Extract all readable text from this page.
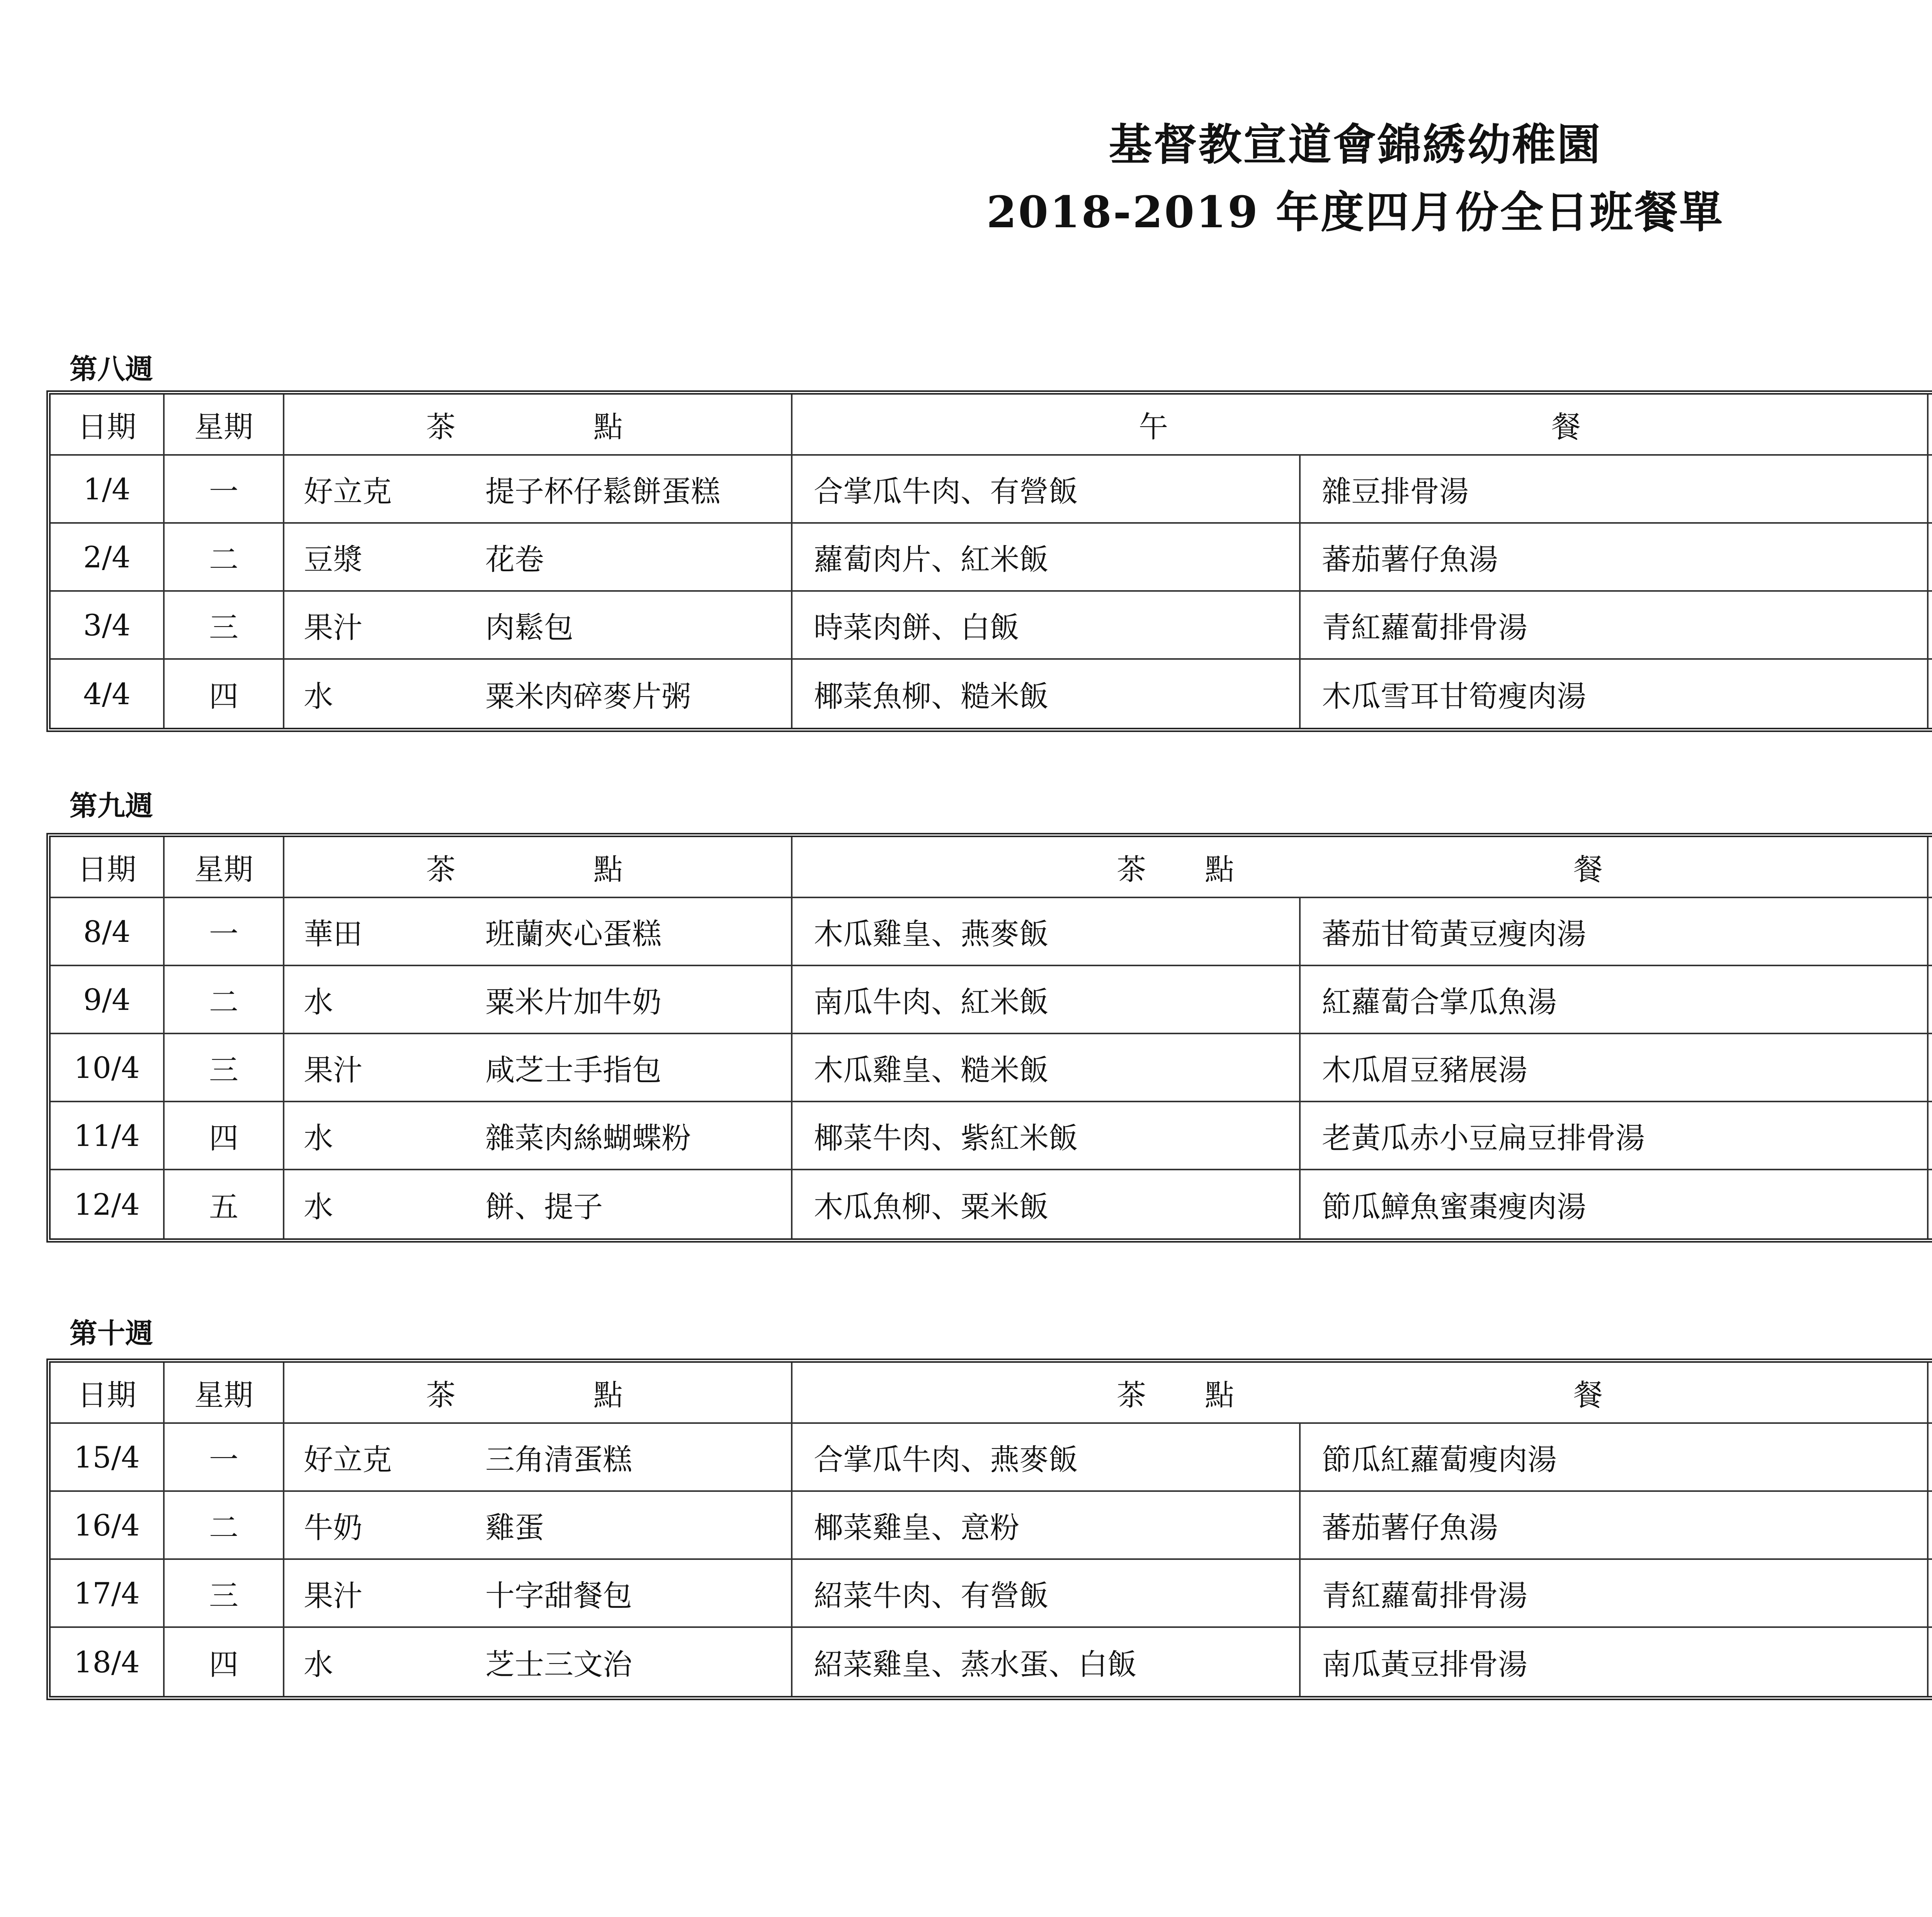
基督教宣道會錦綉幼稚園
2018-2019 年度四月份全日班餐單
第八週
日期	星期	茶　　點	午	餐
1/4	一	好立克	提子杯仔鬆餅蛋糕	合掌瓜牛肉、有營飯	雜豆排骨湯
2/4	二	豆漿	花卷	蘿蔔肉片、紅米飯	蕃茄薯仔魚湯
3/4	三	果汁	肉鬆包	時菜肉餅、白飯	青紅蘿蔔排骨湯
4/4	四	水	粟米肉碎麥片粥	椰菜魚柳、糙米飯	木瓜雪耳甘筍瘦肉湯
第九週
日期	星期	茶　　點	茶　　點	餐
8/4	一	華田	班蘭夾心蛋糕	木瓜雞皇、燕麥飯	蕃茄甘筍黃豆瘦肉湯
9/4	二	水	粟米片加牛奶	南瓜牛肉、紅米飯	紅蘿蔔合掌瓜魚湯
10/4	三	果汁	咸芝士手指包	木瓜雞皇、糙米飯	木瓜眉豆豬展湯
11/4	四	水	雜菜肉絲蝴蝶粉	椰菜牛肉、紫紅米飯	老黃瓜赤小豆扁豆排骨湯
12/4	五	水	餅、提子	木瓜魚柳、粟米飯	節瓜鱆魚蜜棗瘦肉湯
第十週
日期	星期	茶　　點	茶　　點	餐
15/4	一	好立克	三角清蛋糕	合掌瓜牛肉、燕麥飯	節瓜紅蘿蔔瘦肉湯
16/4	二	牛奶	雞蛋	椰菜雞皇、意粉	蕃茄薯仔魚湯
17/4	三	果汁	十字甜餐包	紹菜牛肉、有營飯	青紅蘿蔔排骨湯
18/4	四	水	芝士三文治	紹菜雞皇、蒸水蛋、白飯	南瓜黃豆排骨湯
